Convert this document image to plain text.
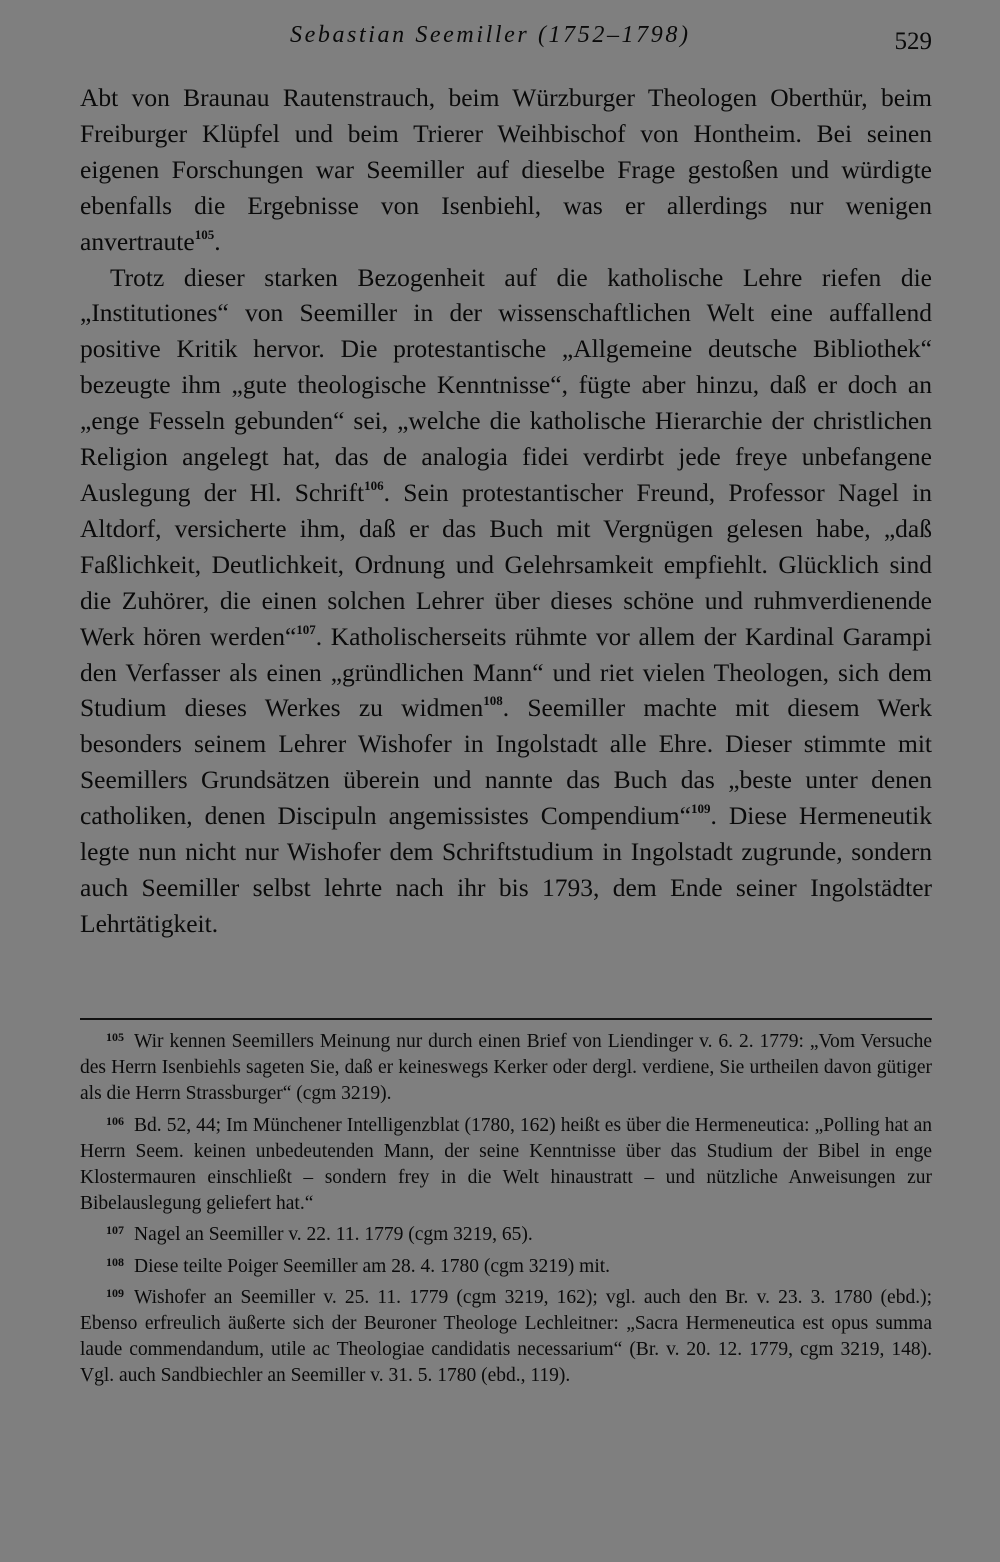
Sebastian Seemiller (1752–1798)	529

Abt von Braunau Rautenstrauch, beim Würzburger Theologen Oberthür, beim Freiburger Klüpfel und beim Trierer Weihbischof von Hontheim. Bei seinen eigenen Forschungen war Seemiller auf dieselbe Frage gestoßen und würdigte ebenfalls die Ergebnisse von Isenbiehl, was er allerdings nur wenigen anvertraute$^{105}$.

Trotz dieser starken Bezogenheit auf die katholische Lehre riefen die „Institutiones“ von Seemiller in der wissenschaftlichen Welt eine auffallend positive Kritik hervor. Die protestantische „Allgemeine deutsche Bibliothek“ bezeugte ihm „gute theologische Kenntnisse“, fügte aber hinzu, daß er doch an „enge Fesseln gebunden“ sei, „welche die katholische Hierarchie der christlichen Religion angelegt hat, das de analogia fidei verdirbt jede freye unbefangene Auslegung der Hl. Schrift$^{106}$. Sein protestantischer Freund, Professor Nagel in Altdorf, versicherte ihm, daß er das Buch mit Vergnügen gelesen habe, „daß Faßlichkeit, Deutlichkeit, Ordnung und Gelehrsamkeit empfiehlt. Glücklich sind die Zuhörer, die einen solchen Lehrer über dieses schöne und ruhmverdienende Werk hören werden“$^{107}$. Katholischerseits rühmte vor allem der Kardinal Garampi den Verfasser als einen „gründlichen Mann“ und riet vielen Theologen, sich dem Studium dieses Werkes zu widmen$^{108}$. Seemiller machte mit diesem Werk besonders seinem Lehrer Wishofer in Ingolstadt alle Ehre. Dieser stimmte mit Seemillers Grundsätzen überein und nannte das Buch das „beste unter denen catholiken, denen Discipuln angemissistes Compendium“$^{109}$. Diese Hermeneutik legte nun nicht nur Wishofer dem Schriftstudium in Ingolstadt zugrunde, sondern auch Seemiller selbst lehrte nach ihr bis 1793, dem Ende seiner Ingolstädter Lehrtätigkeit.

$^{105}$ Wir kennen Seemillers Meinung nur durch einen Brief von Liendinger v. 6. 2. 1779: „Vom Versuche des Herrn Isenbiehls sageten Sie, daß er keineswegs Kerker oder dergl. verdiene, Sie urtheilen davon gütiger als die Herrn Strassburger“ (cgm 3219).

$^{106}$ Bd. 52, 44; Im Münchener Intelligenzblat (1780, 162) heißt es über die Hermeneutica: „Polling hat an Herrn Seem. keinen unbedeutenden Mann, der seine Kenntnisse über das Studium der Bibel in enge Klostermauren einschließt – sondern frey in die Welt hinaustratt – und nützliche Anweisungen zur Bibelauslegung geliefert hat.“

$^{107}$ Nagel an Seemiller v. 22. 11. 1779 (cgm 3219, 65).

$^{108}$ Diese teilte Poiger Seemiller am 28. 4. 1780 (cgm 3219) mit.

$^{109}$ Wishofer an Seemiller v. 25. 11. 1779 (cgm 3219, 162); vgl. auch den Br. v. 23. 3. 1780 (ebd.); Ebenso erfreulich äußerte sich der Beuroner Theologe Lechleitner: „Sacra Hermeneutica est opus summa laude commendandum, utile ac Theologiae candidatis necessarium“ (Br. v. 20. 12. 1779, cgm 3219, 148). Vgl. auch Sandbiechler an Seemiller v. 31. 5. 1780 (ebd., 119).
